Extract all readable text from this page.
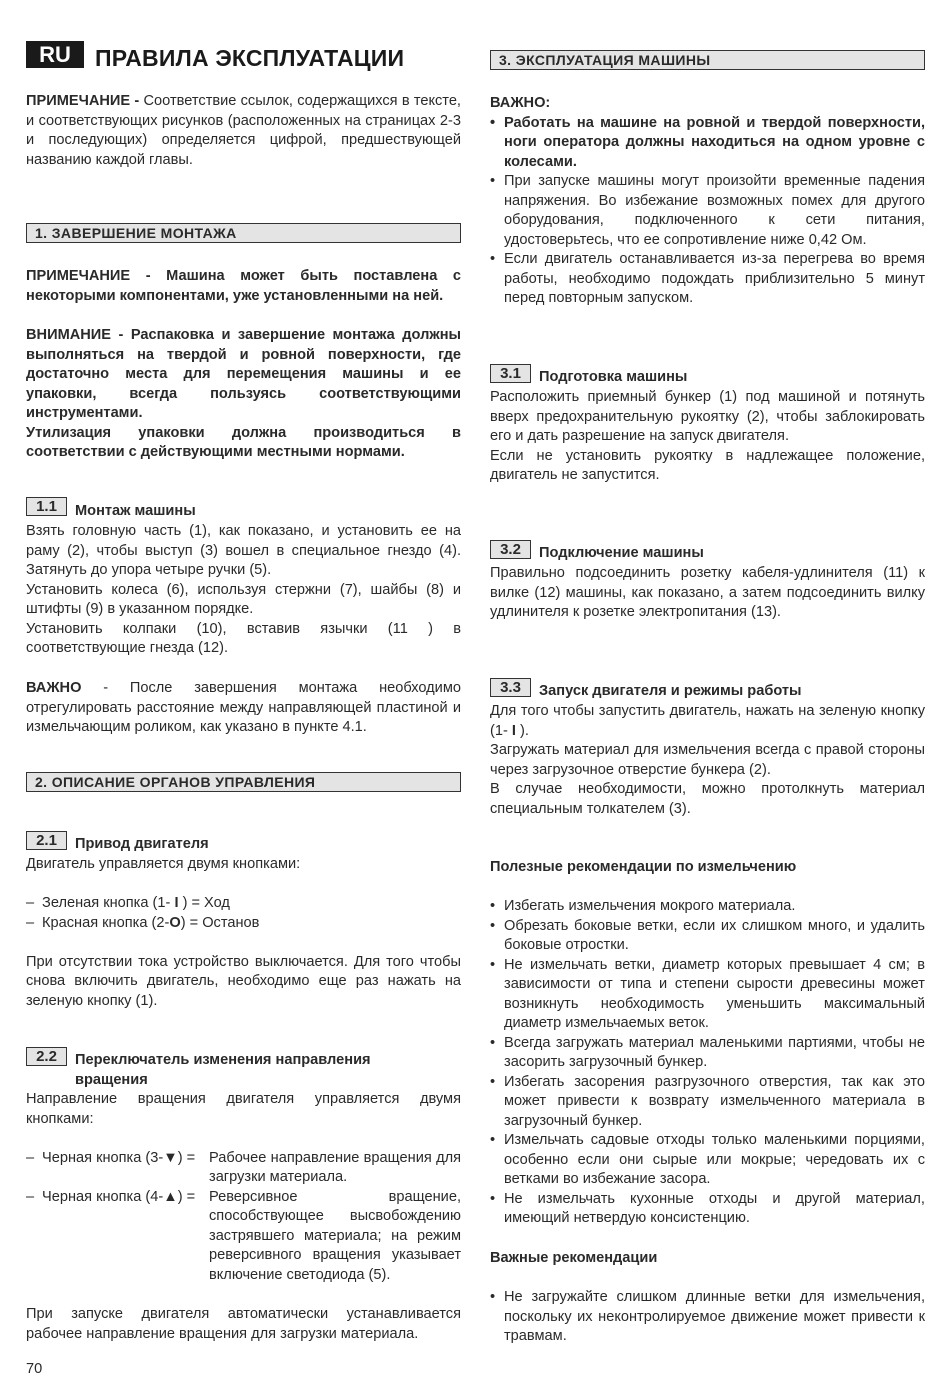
RU	ПРАВИЛА ЭКСПЛУАТАЦИИ

ПРИМЕЧАНИЕ - Соответствие ссылок, содержащихся в тексте, и соответствующих рисунков (расположенных на страницах 2-3 и последующих) определяется цифрой, предшествующей названию каждой главы.

1. ЗАВЕРШЕНИЕ МОНТАЖА

ПРИМЕЧАНИЕ - Машина может быть поставлена с некоторыми компонентами, уже установленными на ней.

ВНИМАНИЕ - Распаковка и завершение монтажа должны выполняться на твердой и ровной поверхности, где достаточно места для перемещения машины и ее упаковки, всегда пользуясь соответствующими инструментами.

Утилизация упаковки должна производиться в соответствии с действующими местными нормами.

1.1	Монтаж машины

Взять головную часть (1), как показано, и установить ее на раму (2), чтобы выступ (3) вошел в специальное гнездо (4). Затянуть до упора четыре ручки (5).

Установить колеса (6), используя стержни (7), шайбы (8) и штифты (9) в указанном порядке.

Установить колпаки (10), вставив язычки (11 ) в соответствующие гнезда (12).

ВАЖНО - После завершения монтажа необходимо отрегулировать расстояние между направляющей пластиной и измельчающим роликом, как указано в пункте 4.1.

2. ОПИСАНИЕ ОРГАНОВ УПРАВЛЕНИЯ
2.1	Привод двигателя

Двигатель управляется двумя кнопками:

– Зеленая кнопка (1- I ) = Ход

– Красная кнопка (2-O) = Останов

При отсутствии тока устройство выключается. Для того чтобы снова включить двигатель, необходимо еще раз нажать на зеленую кнопку (1).

2.2	Переключатель изменения направления
вращения

Направление вращения двигателя управляется двумя кнопками:

– Черная кнопка (3-▼) = Рабочее направление вращения для загрузки материала.
– Черная кнопка (4-▲) = Реверсивное вращение, способствующее высвобождению застрявшего материала; на режим реверсивного вращения указывает включение светодиода (5).

При запуске двигателя автоматически устанавливается рабочее направление вращения для загрузки материала.

3. ЭКСПЛУАТАЦИЯ МАШИНЫ

ВАЖНО:

• Работать на машине на ровной и твердой поверхности, ноги оператора должны находиться на одном уровне с колесами.

• При запуске машины могут произойти временные падения напряжения. Во избежание возможных помех для другого оборудования, подключенного к сети питания, удостоверьтесь, что ее сопротивление ниже 0,42 Ом.

• Если двигатель останавливается из-за перегрева во время работы, необходимо подождать приблизительно 5 минут перед повторным запуском.

3.1	Подготовка машины

Расположить приемный бункер (1) под машиной и потянуть вверх предохранительную рукоятку (2), чтобы заблокировать его и дать разрешение на запуск двигателя.

Если не установить рукоятку в надлежащее положение, двигатель не запустится.

3.2	Подключение машины

Правильно подсоединить розетку кабеля-удлинителя (11) к вилке (12) машины, как показано, а затем подсоединить вилку удлинителя к розетке электропитания (13).

3.3	Запуск двигателя и режимы работы

Для того чтобы запустить двигатель, нажать на зеленую кнопку (1- I ).

Загружать материал для измельчения всегда с правой стороны через загрузочное отверстие бункера (2).

В случае необходимости, можно протолкнуть материал специальным толкателем (3).

Полезные рекомендации по измельчению

• Избегать измельчения мокрого материала.

• Обрезать боковые ветки, если их слишком много, и удалить боковые отростки.

• Не измельчать ветки, диаметр которых превышает 4 см; в зависимости от типа и степени сырости древесины может возникнуть необходимость уменьшить максимальный диаметр измельчаемых веток.

• Всегда загружать материал маленькими партиями, чтобы не засорить загрузочный бункер.

• Избегать засорения разгрузочного отверстия, так как это может привести к возврату измельченного материала в загрузочный бункер.

• Измельчать садовые отходы только маленькими порциями, особенно если они сырые или мокрые; чередовать их с ветками во избежание засора.

• Не измельчать кухонные отходы и другой материал, имеющий нетвердую консистенцию.

Важные рекомендации

• Не загружайте слишком длинные ветки для измельчения, поскольку их неконтролируемое движение может привести к травмам.

70
